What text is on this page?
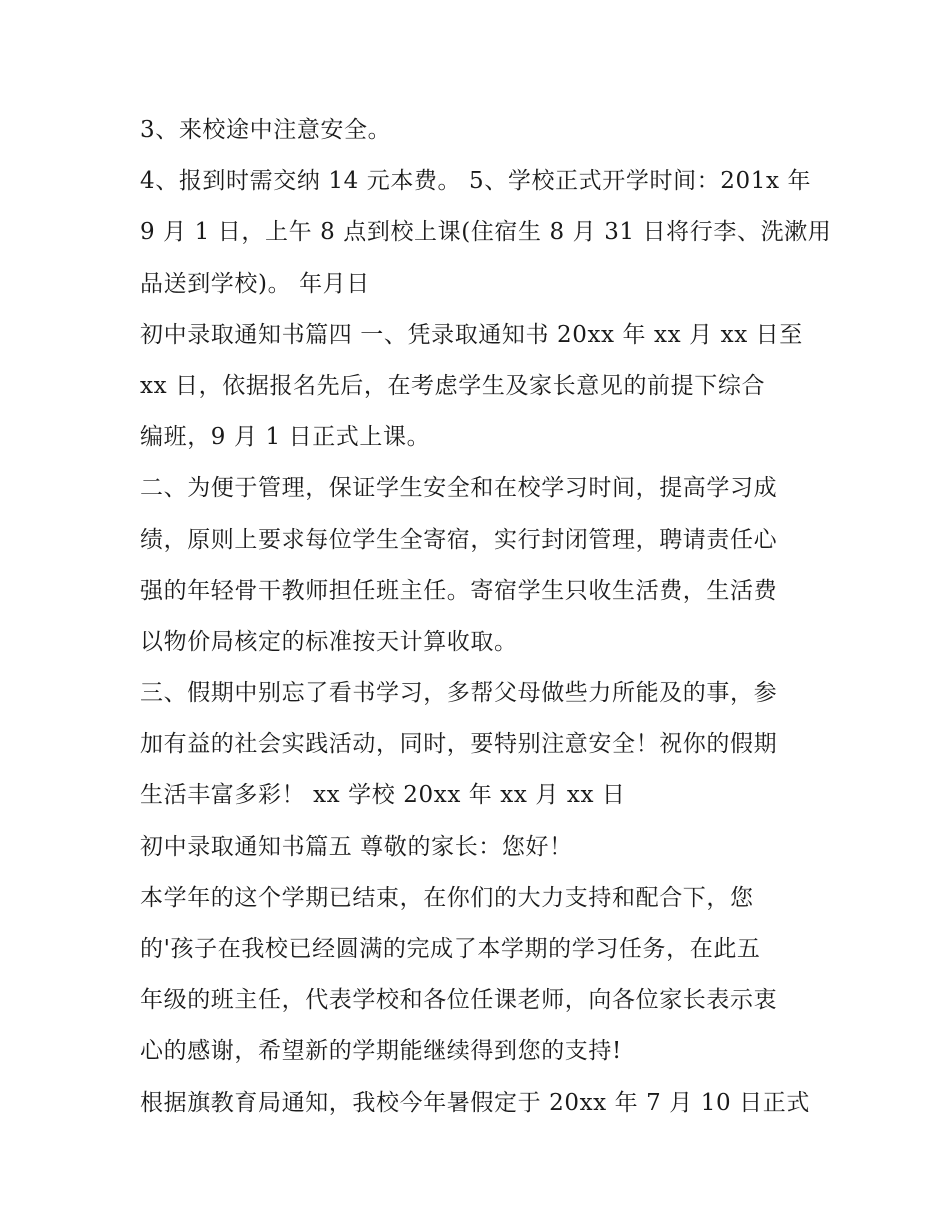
3、来校途中注意安全。
4、报到时需交纳 14 元本费。 5、学校正式开学时间：201x 年
9 月 1 日，上午 8 点到校上课(住宿生 8 月 31 日将行李、洗漱用
品送到学校)。 年月日
初中录取通知书篇四 一、凭录取通知书 20xx 年 xx 月 xx 日至
xx 日，依据报名先后，在考虑学生及家长意见的前提下综合
编班，9 月 1 日正式上课。
二、为便于管理，保证学生安全和在校学习时间，提高学习成
绩，原则上要求每位学生全寄宿，实行封闭管理，聘请责任心
强的年轻骨干教师担任班主任。寄宿学生只收生活费，生活费
以物价局核定的标准按天计算收取。
三、假期中别忘了看书学习，多帮父母做些力所能及的事，参
加有益的社会实践活动，同时，要特别注意安全！祝你的假期
生活丰富多彩！ xx 学校 20xx 年 xx 月 xx 日
初中录取通知书篇五 尊敬的家长：您好！
本学年的这个学期已结束，在你们的大力支持和配合下，您
的'孩子在我校已经圆满的完成了本学期的学习任务，在此五
年级的班主任，代表学校和各位任课老师，向各位家长表示衷
心的感谢，希望新的学期能继续得到您的支持!
根据旗教育局通知，我校今年暑假定于 20xx 年 7 月 10 日正式
